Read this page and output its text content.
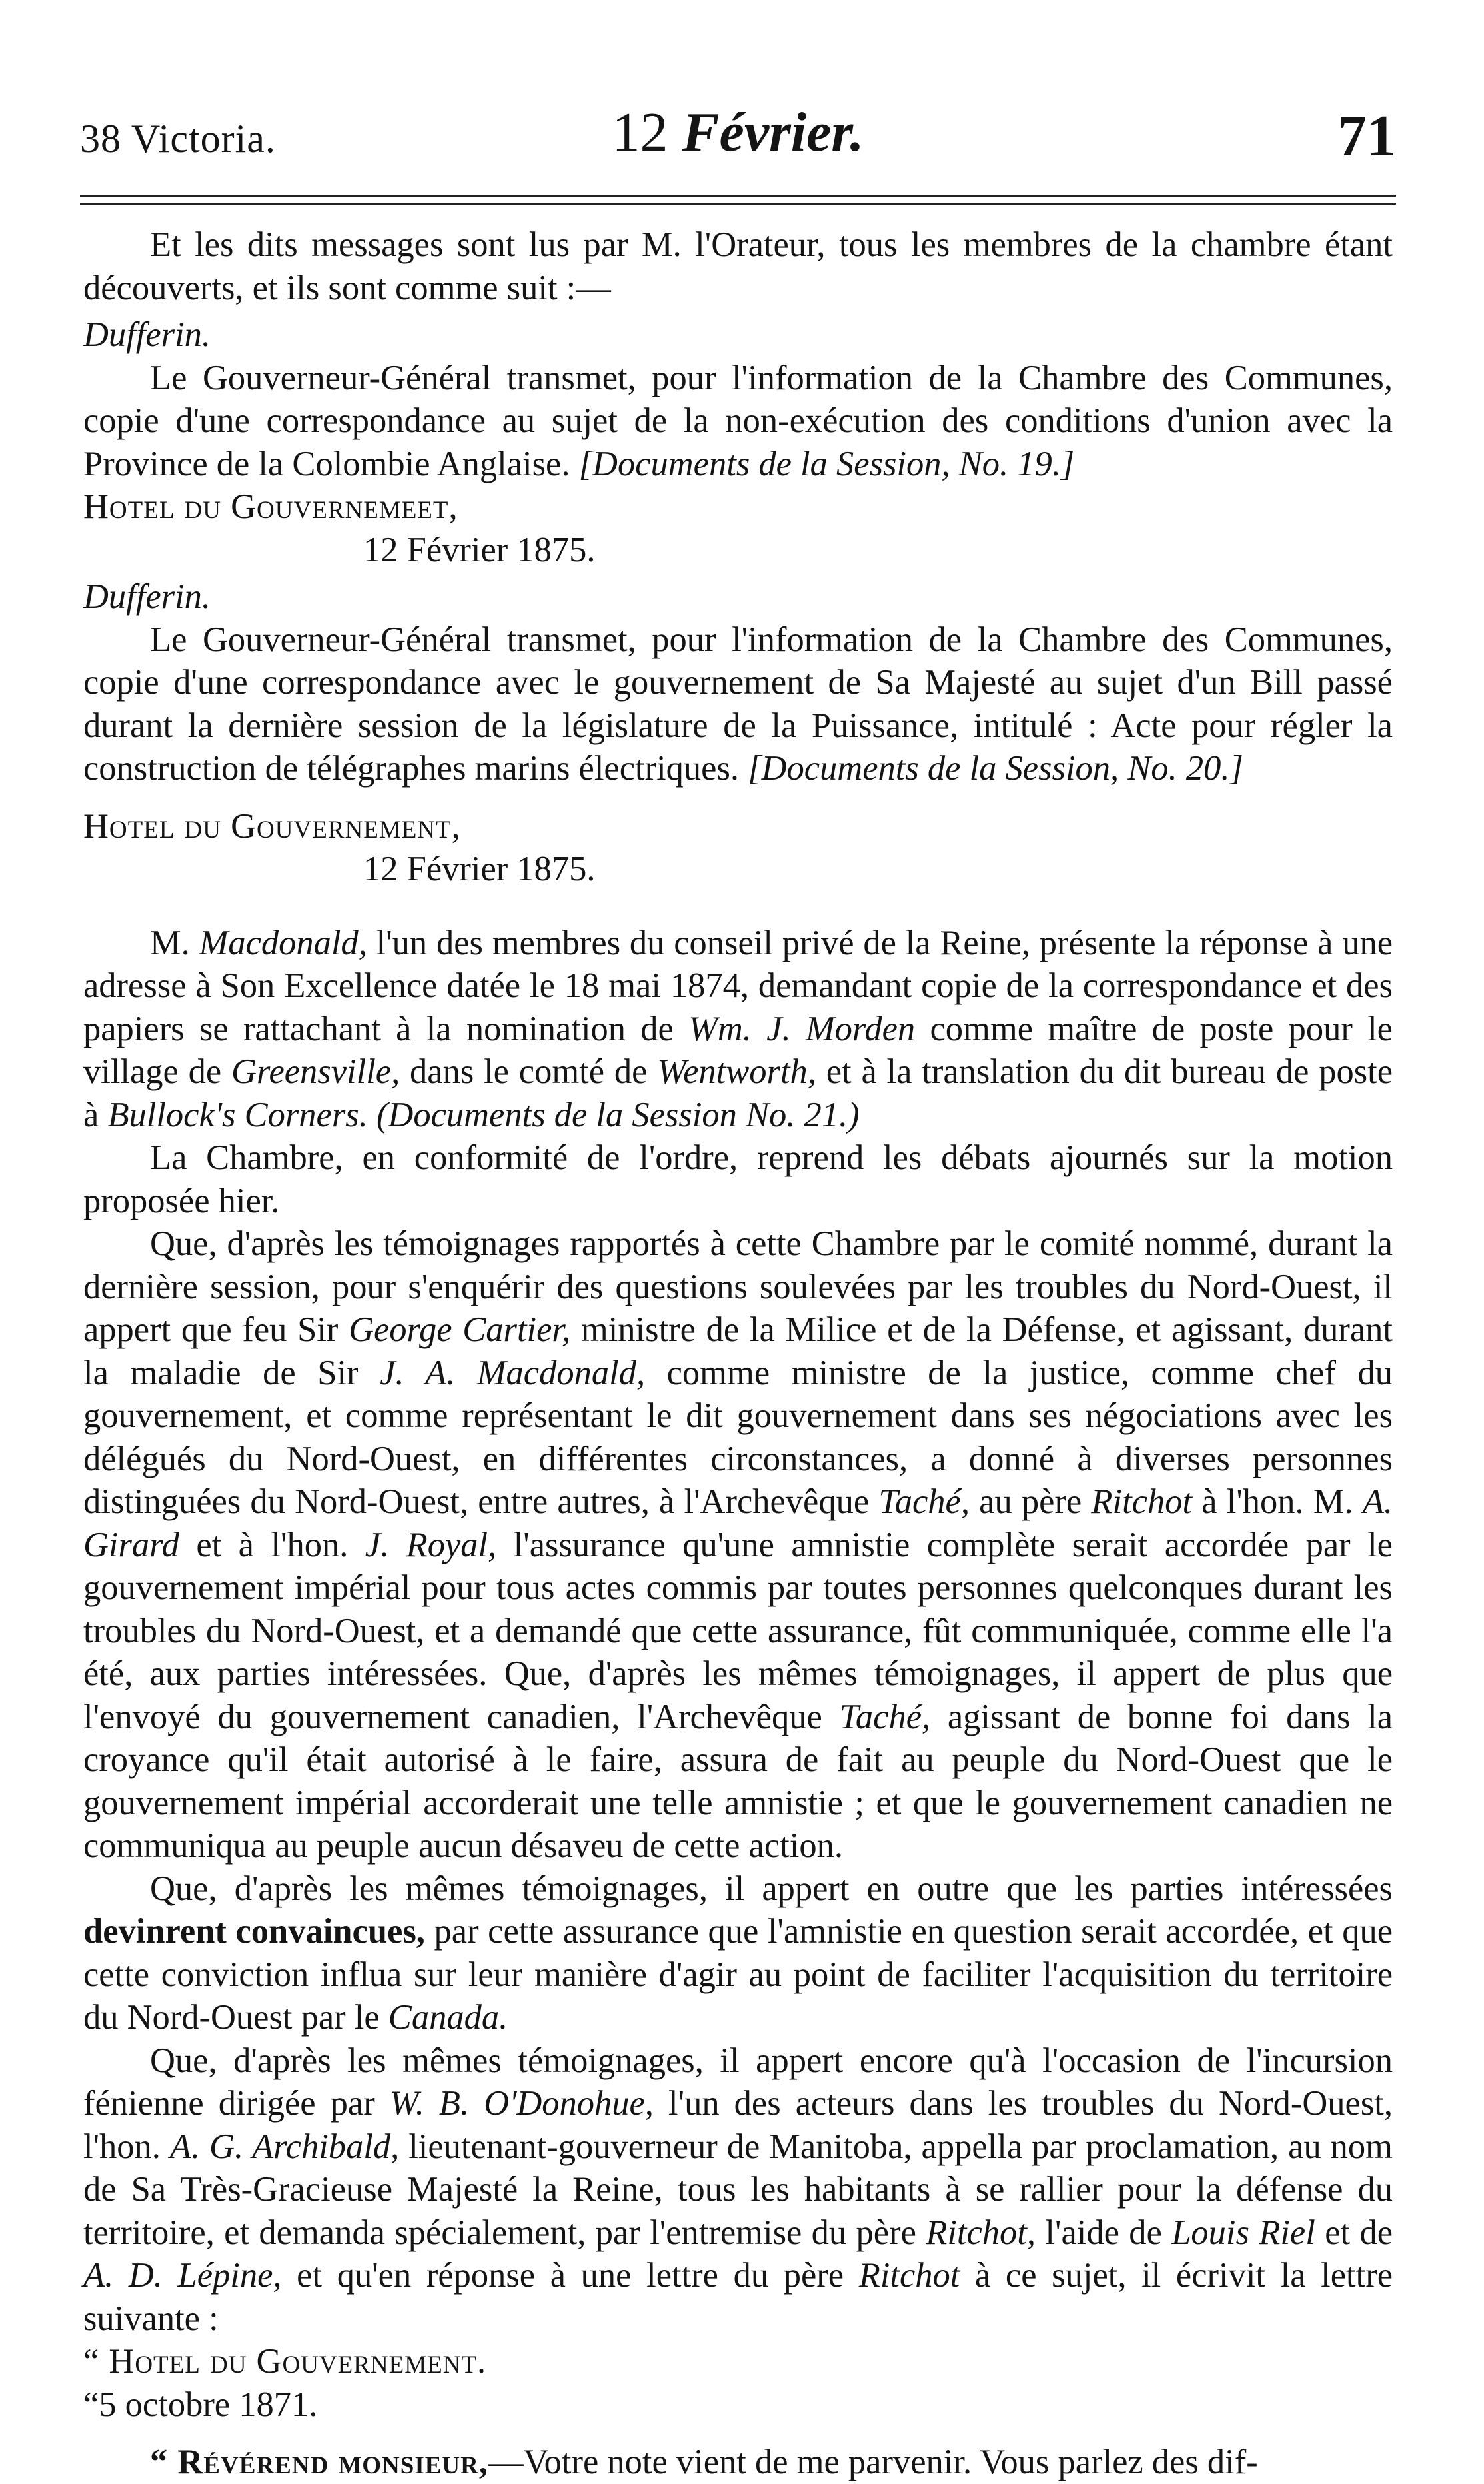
38 Victoria.	12 Février.	71

Et les dits messages sont lus par M. l'Orateur, tous les membres de la chambre étant découverts, et ils sont comme suit :—

Dufferin.

Le Gouverneur-Général transmet, pour l'information de la Chambre des Communes, copie d'une correspondance au sujet de la non-exécution des conditions d'union avec la Province de la Colombie Anglaise. [Documents de la Session, No. 19.]

Hotel du Gouvernemeet,

12 Février 1875.

Dufferin.

Le Gouverneur-Général transmet, pour l'information de la Chambre des Communes, copie d'une correspondance avec le gouvernement de Sa Majesté au sujet d'un Bill passé durant la dernière session de la législature de la Puissance, intitulé : Acte pour régler la construction de télégraphes marins électriques. [Documents de la Session, No. 20.]

Hotel du Gouvernement,

12 Février 1875.

M. Macdonald, l'un des membres du conseil privé de la Reine, présente la réponse à une adresse à Son Excellence datée le 18 mai 1874, demandant copie de la correspondance et des papiers se rattachant à la nomination de Wm. J. Morden comme maître de poste pour le village de Greensville, dans le comté de Wentworth, et à la translation du dit bureau de poste à Bullock's Corners. (Documents de la Session No. 21.)

La Chambre, en conformité de l'ordre, reprend les débats ajournés sur la motion proposée hier.

Que, d'après les témoignages rapportés à cette Chambre par le comité nommé, durant la dernière session, pour s'enquérir des questions soulevées par les troubles du Nord-Ouest, il appert que feu Sir George Cartier, ministre de la Milice et de la Défense, et agissant, durant la maladie de Sir J. A. Macdonald, comme ministre de la justice, comme chef du gouvernement, et comme représentant le dit gouvernement dans ses négociations avec les délégués du Nord-Ouest, en différentes circonstances, a donné à diverses personnes distinguées du Nord-Ouest, entre autres, à l'Archevêque Taché, au père Ritchot à l'hon. M. A. Girard et à l'hon. J. Royal, l'assurance qu'une amnistie complète serait accordée par le gouvernement impérial pour tous actes commis par toutes personnes quelconques durant les troubles du Nord-Ouest, et a demandé que cette assurance, fût communiquée, comme elle l'a été, aux parties intéressées. Que, d'après les mêmes témoignages, il appert de plus que l'envoyé du gouvernement canadien, l'Archevêque Taché, agissant de bonne foi dans la croyance qu'il était autorisé à le faire, assura de fait au peuple du Nord-Ouest que le gouvernement impérial accorderait une telle amnistie ; et que le gouvernement canadien ne communiqua au peuple aucun désaveu de cette action.

Que, d'après les mêmes témoignages, il appert en outre que les parties intéressées devinrent convaincues, par cette assurance que l'amnistie en question serait accordée, et que cette conviction influa sur leur manière d'agir au point de faciliter l'acquisition du territoire du Nord-Ouest par le Canada.

Que, d'après les mêmes témoignages, il appert encore qu'à l'occasion de l'incursion fénienne dirigée par W. B. O'Donohue, l'un des acteurs dans les troubles du Nord-Ouest, l'hon. A. G. Archibald, lieutenant-gouverneur de Manitoba, appella par proclamation, au nom de Sa Très-Gracieuse Majesté la Reine, tous les habitants à se rallier pour la défense du territoire, et demanda spécialement, par l'entremise du père Ritchot, l'aide de Louis Riel et de A. D. Lépine, et qu'en réponse à une lettre du père Ritchot à ce sujet, il écrivit la lettre suivante :

“ Hotel du Gouvernement.

“5 octobre 1871.

“ Révérend monsieur,—Votre note vient de me parvenir. Vous parlez des dif-
